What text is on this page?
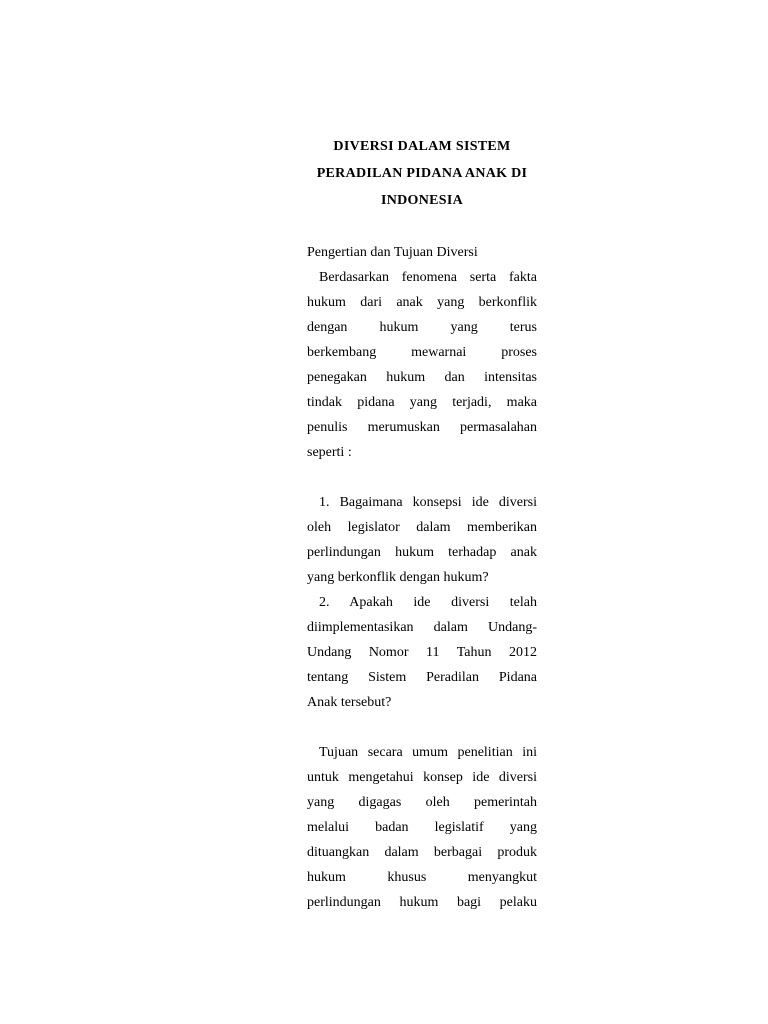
DIVERSI DALAM SISTEM
PERADILAN PIDANA ANAK DI
INDONESIA
Pengertian dan Tujuan Diversi
Berdasarkan fenomena serta fakta
hukum dari anak yang berkonflik
dengan hukum yang terus
berkembang mewarnai proses
penegakan hukum dan intensitas
tindak pidana yang terjadi, maka
penulis merumuskan permasalahan
seperti :
1. Bagaimana konsepsi ide diversi
oleh legislator dalam memberikan
perlindungan hukum terhadap anak
yang berkonflik dengan hukum?
2. Apakah ide diversi telah
diimplementasikan dalam Undang-
Undang Nomor 11 Tahun 2012
tentang Sistem Peradilan Pidana
Anak tersebut?
Tujuan secara umum penelitian ini
untuk mengetahui konsep ide diversi
yang digagas oleh pemerintah
melalui badan legislatif yang
dituangkan dalam berbagai produk
hukum khusus menyangkut
perlindungan hukum bagi pelaku
